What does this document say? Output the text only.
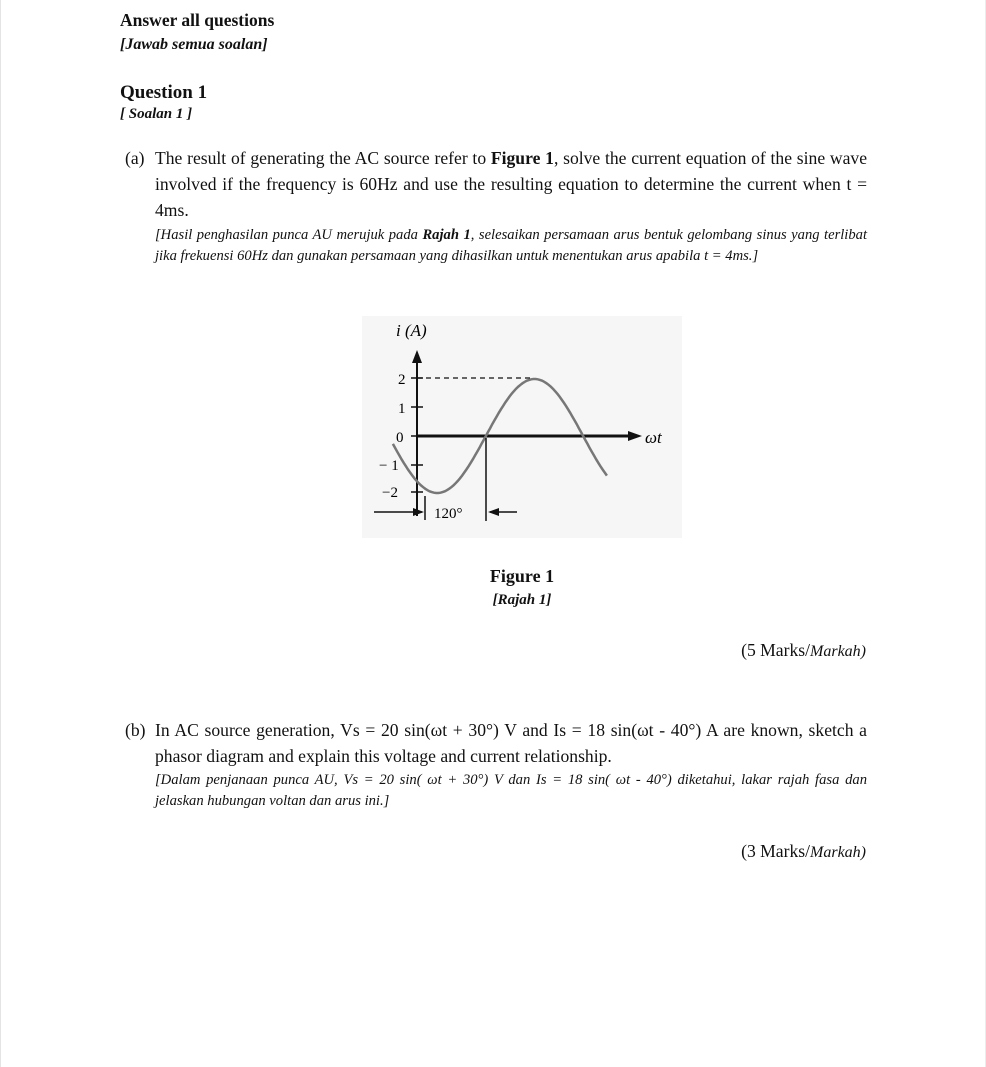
Answer all questions
[Jawab semua soalan]
Question 1
[ Soalan 1 ]
(a) The result of generating the AC source refer to Figure 1, solve the current equation of the sine wave involved if the frequency is 60Hz and use the resulting equation to determine the current when t = 4ms.
[Hasil penghasilan punca AU merujuk pada Rajah 1, selesaikan persamaan arus bentuk gelombang sinus yang terlibat jika frekuensi 60Hz dan gunakan persamaan yang dihasilkan untuk menentukan arus apabila t = 4ms.]
i (A)
ωt
2
1
0
− 1
−2
120°
Figure 1
[Rajah 1]
(5 Marks/Markah)
(b) In AC source generation, Vs = 20 sin(ωt + 30°) V and Is = 18 sin(ωt - 40°) A are known, sketch a phasor diagram and explain this voltage and current relationship.
[Dalam penjanaan punca AU, Vs = 20 sin( ωt + 30°) V dan Is = 18 sin( ωt - 40°) diketahui, lakar rajah fasa dan jelaskan hubungan voltan dan arus ini.]
(3 Marks/Markah)
